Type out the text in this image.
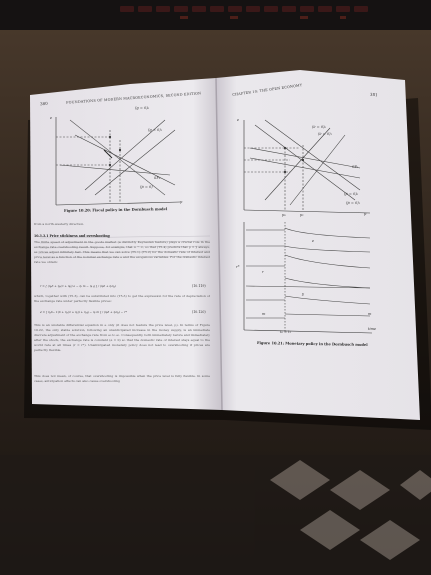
380	FOUNDATIONS OF MODERN MACROECONOMICS, SECOND EDITION
(g = 0)₀
(g = 0)₁
SP₀
(ṗ = 0)
e
p
Figure 10.20: Fiscal policy in the Dornbusch model
from a north-westerly direction.
10.3.3.1 Price stickiness and overshooting
The finite speed of adjustment in the goods market (a distinctly Keynesian feature) plays a crucial role in the exchange rate overshooting result. Suppose, for example, that π → ∞, so that (T5.4) predicts that p = ȳ always, as prices adjust infinitely fast. This means that we can solve (T5.1)–(T5.2) for the domestic rate of interest and price level as a function of the nominal exchange rate e and the exogenous variables. For the domestic interest rate we obtain:
r = [ (ηᵧδ + ηᵧ(σ + ηₜ)) e − ηₜ m − ηₜ g ] / (ηₜδ + ηₜηᵧ)	(10.119)
which, together with (T5.3), can be substituted into (T5.3) to get the expression for the rate of depreciation of the exchange rate under perfectly flexible prices:
ė = [ ηᵧδ− 1(δ + ηᵧ(σ + ηₜ)) + ηᵧg − ηₜ m ] / (ηₜδ + ηₜηᵧ) − r*	(10.120)
This is an unstable differential equation in e only (it does not feature the price level, p). In terms of Figure 10.22, the only stable solution, following an unanticipated increase in the money supply, is an immediate discrete adjustment of the exchange rate from e₀ to e₁. Consequently, both immediately before and immediately after the shock, the exchange rate is constant (ė = 0) so that the domestic rate of interest stays equal to the world rate at all times (r = r*). Unanticipated monetary policy does not lead to overshooting if prices are perfectly flexible.
This does not mean, of course, that overshooting is impossible when the price level is fully flexible. In some cases, anticipation effects can also cause overshooting
CHAPTER 10: THE OPEN ECONOMY	381
(ė = 0)₀
(ė = 0)₁
SP₁
(ṗ = 0)₀
(ṗ = 0)₁
e
p
p₀	p₁
e
r*
r
y
m	m
time
t₀ = t₁
Figure 10.21: Monetary policy in the Dornbusch model
